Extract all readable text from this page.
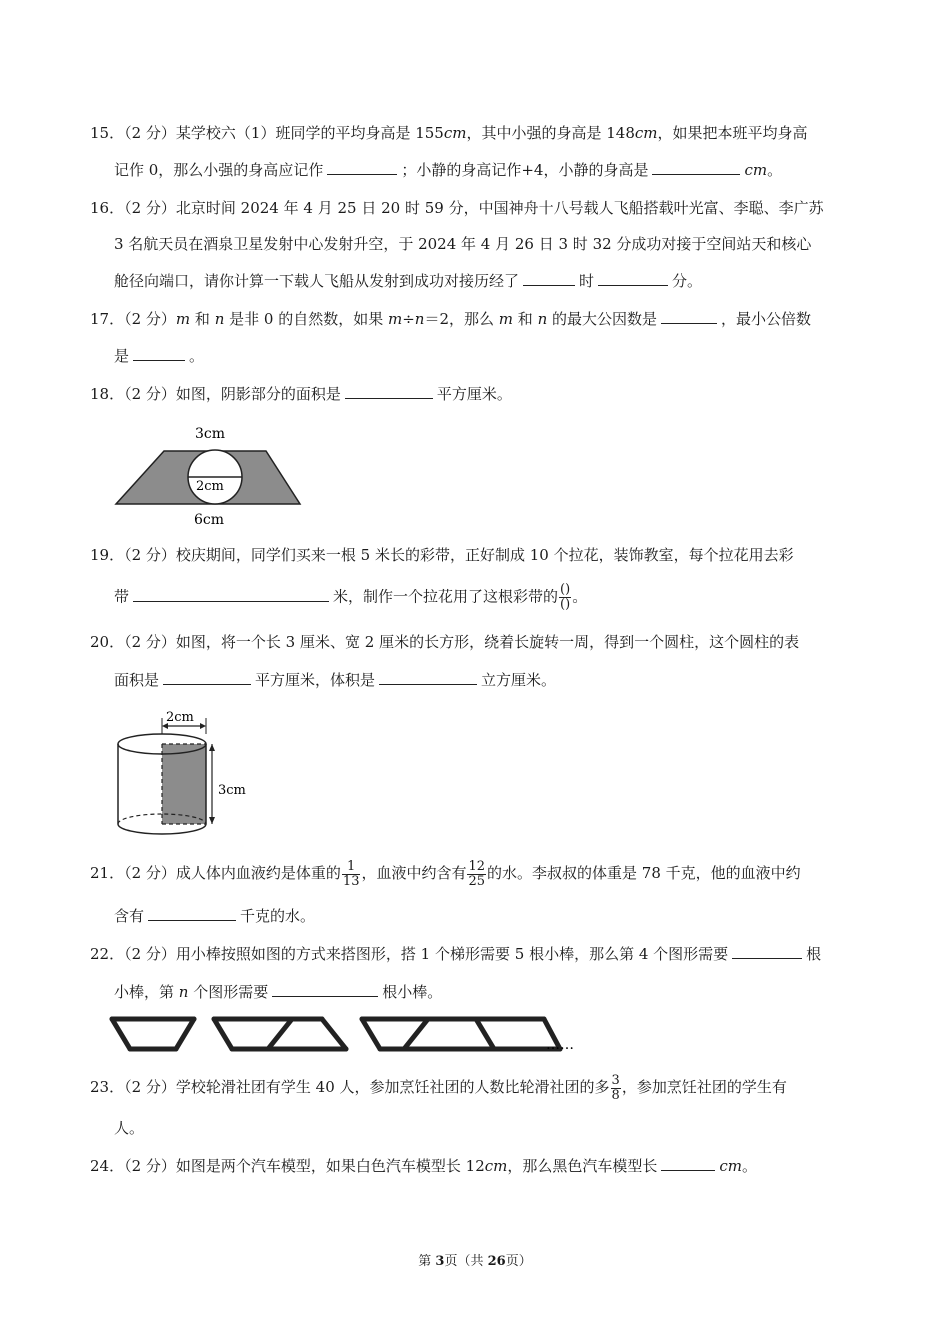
15．（2 分）某学校六（1）班同学的平均身高是 155cm，其中小强的身高是 148cm，如果把本班平均身高
记作 0，那么小强的身高应记作	；小静的身高记作+4，小静的身高是	cm。
16．（2 分）北京时间 2024 年 4 月 25 日 20 时 59 分，中国神舟十八号载人飞船搭载叶光富、李聪、李广苏
3 名航天员在酒泉卫星发射中心发射升空，于 2024 年 4 月 26 日 3 时 32 分成功对接于空间站天和核心
舱径向端口，请你计算一下载人飞船从发射到成功对接历经了	时	分。
17．（2 分）m 和 n 是非 0 的自然数，如果 m÷n＝2，那么 m 和 n 的最大公因数是	，最小公倍数
是	。
18．（2 分）如图，阴影部分的面积是	平方厘米。
3cm
2cm
6cm
19．（2 分）校庆期间，同学们买来一根 5 米长的彩带，正好制成 10 个拉花，装饰教室，每个拉花用去彩
带	米，制作一个拉花用了这根彩带的 $\frac{()}{()}$ 。
20．（2 分）如图，将一个长 3 厘米、宽 2 厘米的长方形，绕着长旋转一周，得到一个圆柱，这个圆柱的表
面积是	平方厘米，体积是	立方厘米。
2cm
3cm
21．（2 分）成人体内血液约是体重的 $\frac{1}{13}$ ，血液中约含有 $\frac{12}{25}$ 的水。李叔叔的体重是 78 千克，他的血液中约
含有	千克的水。
22．（2 分）用小棒按照如图的方式来搭图形，搭 1 个梯形需要 5 根小棒，那么第 4 个图形需要	根
小棒，第 n 个图形需要	根小棒。
……
23．（2 分）学校轮滑社团有学生 40 人，参加烹饪社团的人数比轮滑社团的多 $\frac{3}{8}$ ，参加烹饪社团的学生有
人。
24．（2 分）如图是两个汽车模型，如果白色汽车模型长 12cm，那么黑色汽车模型长	cm。
第 3页（共 26页）
